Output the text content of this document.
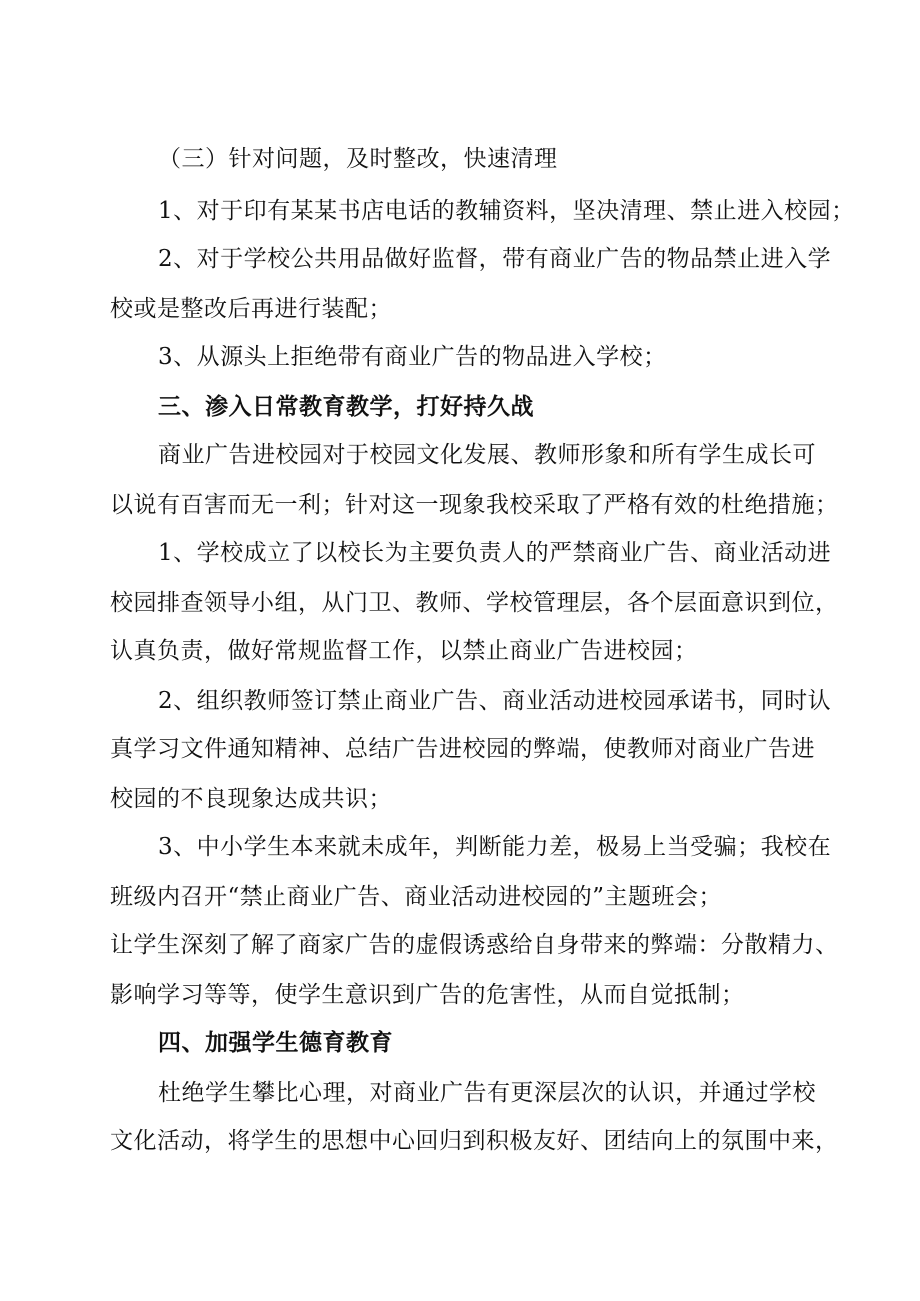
（三）针对问题，及时整改，快速清理
1、对于印有某某书店电话的教辅资料，坚决清理、禁止进入校园；
2、对于学校公共用品做好监督，带有商业广告的物品禁止进入学
校或是整改后再进行装配；
3、从源头上拒绝带有商业广告的物品进入学校；
三、渗入日常教育教学，打好持久战
商业广告进校园对于校园文化发展、教师形象和所有学生成长可
以说有百害而无一利；针对这一现象我校采取了严格有效的杜绝措施；
1、学校成立了以校长为主要负责人的严禁商业广告、商业活动进
校园排查领导小组，从门卫、教师、学校管理层，各个层面意识到位，
认真负责，做好常规监督工作，以禁止商业广告进校园；
2、组织教师签订禁止商业广告、商业活动进校园承诺书，同时认
真学习文件通知精神、总结广告进校园的弊端，使教师对商业广告进
校园的不良现象达成共识；
3、中小学生本来就未成年，判断能力差，极易上当受骗；我校在
班级内召开“禁止商业广告、商业活动进校园的”主题班会；
让学生深刻了解了商家广告的虚假诱惑给自身带来的弊端：分散精力、
影响学习等等，使学生意识到广告的危害性，从而自觉抵制；
四、加强学生德育教育
杜绝学生攀比心理，对商业广告有更深层次的认识，并通过学校
文化活动，将学生的思想中心回归到积极友好、团结向上的氛围中来，
